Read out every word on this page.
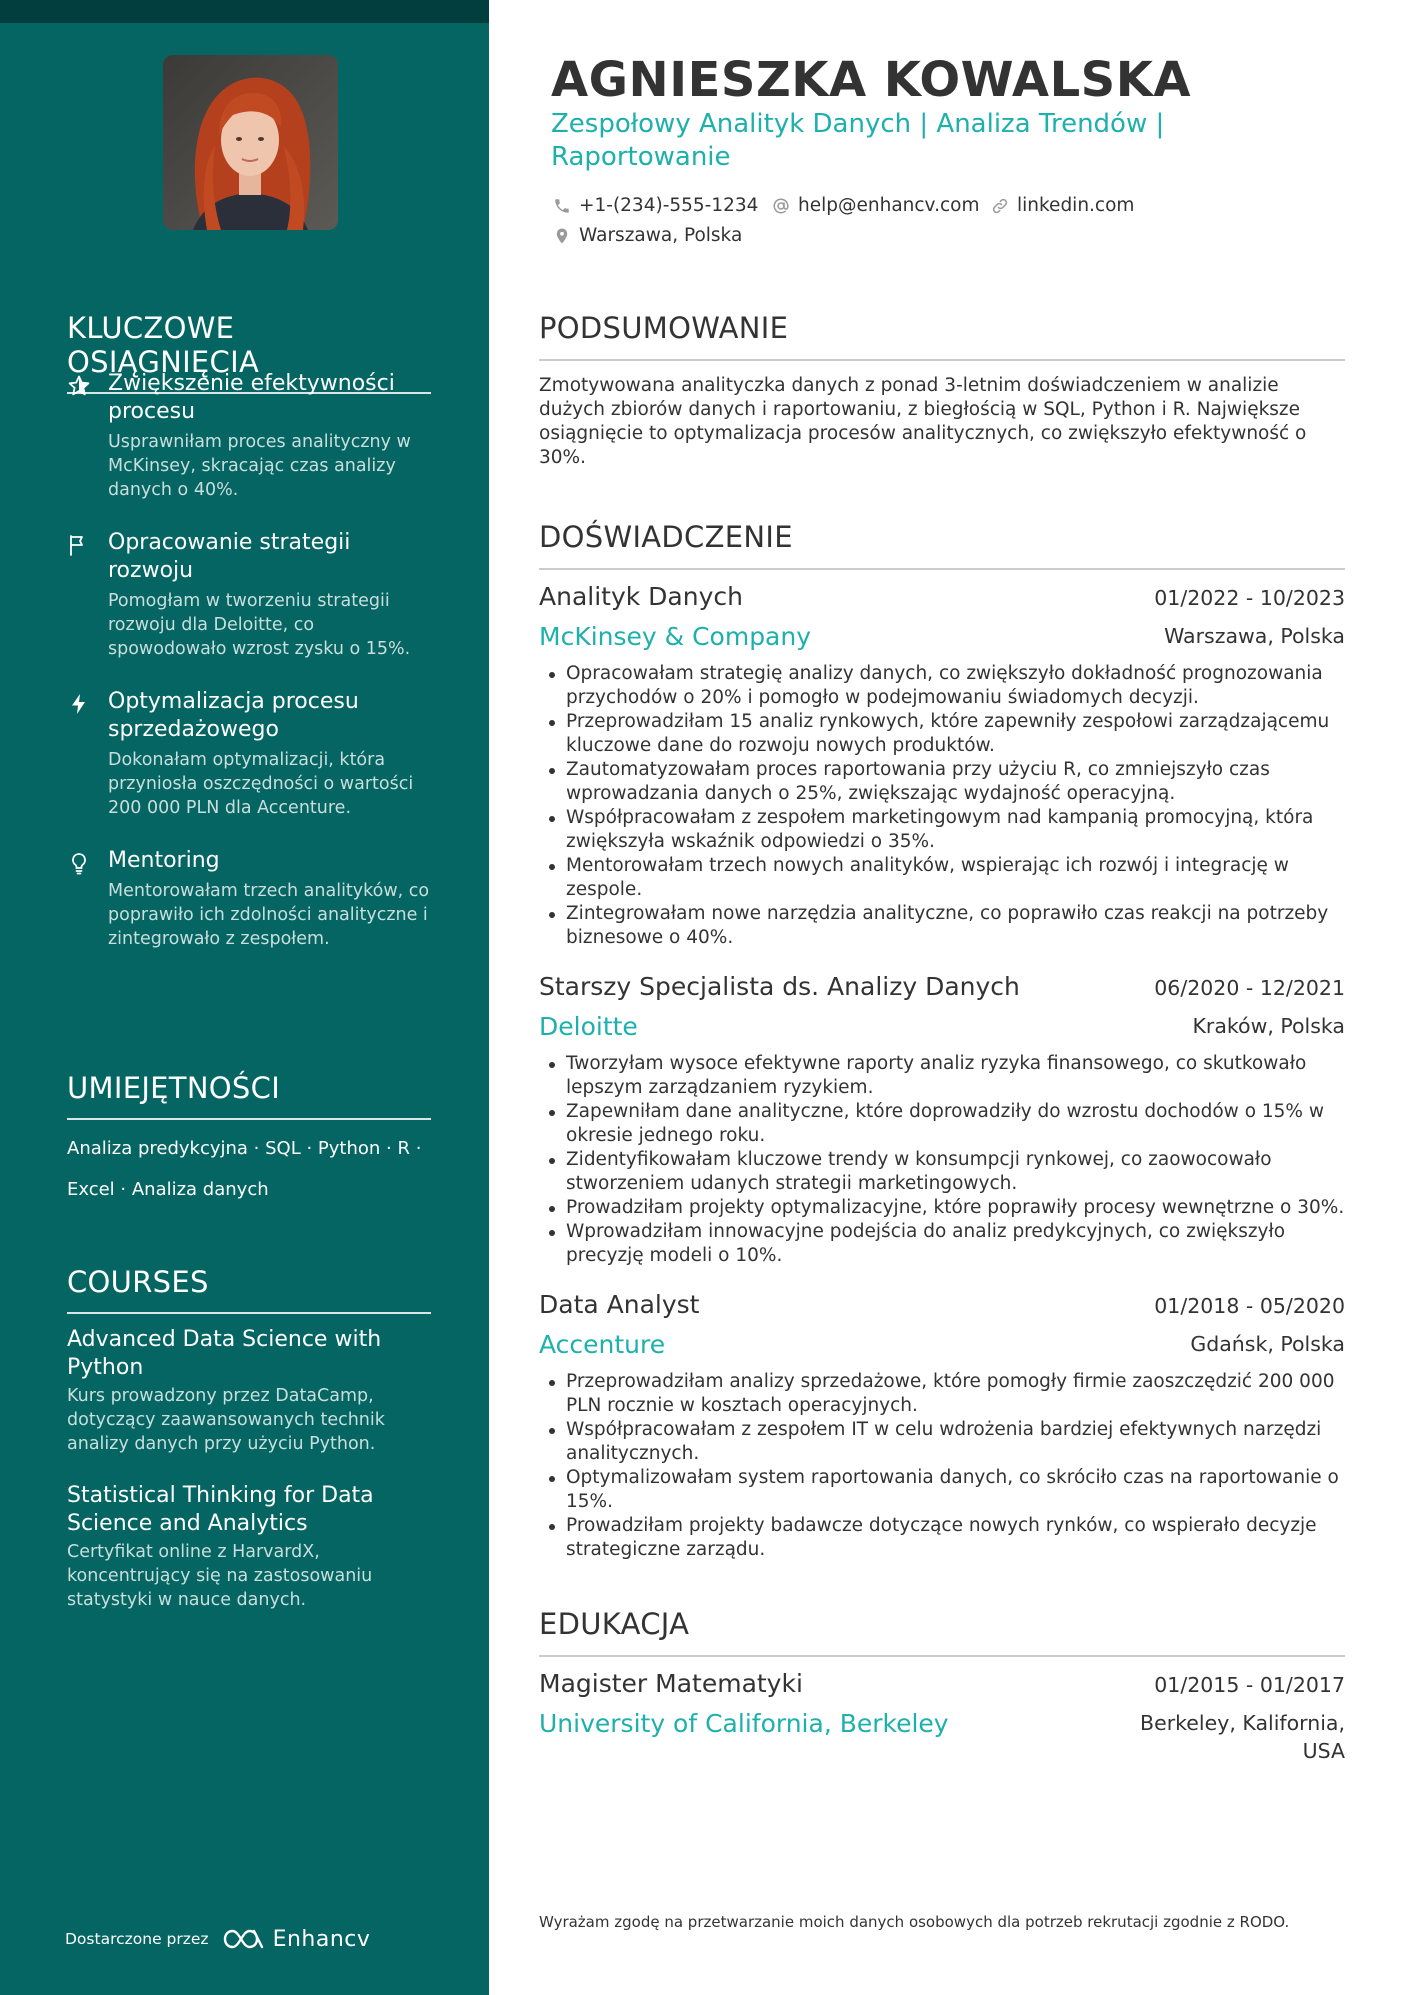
KLUCZOWE OSIĄGNIĘCIA
Zwiększenie efektywności procesu
Usprawniłam proces analityczny w McKinsey, skracając czas analizy danych o 40%.
Opracowanie strategii rozwoju
Pomogłam w tworzeniu strategii rozwoju dla Deloitte, co spowodowało wzrost zysku o 15%.
Optymalizacja procesu sprzedażowego
Dokonałam optymalizacji, która przyniosła oszczędności o wartości 200 000 PLN dla Accenture.
Mentoring
Mentorowałam trzech analityków, co poprawiło ich zdolności analityczne i zintegrowało z zespołem.
UMIEJĘTNOŚCI
Analiza predykcyjna · SQL · Python · R ·
Excel · Analiza danych
COURSES
Advanced Data Science with Python
Kurs prowadzony przez DataCamp, dotyczący zaawansowanych technik analizy danych przy użyciu Python.
Statistical Thinking for Data Science and Analytics
Certyfikat online z HarvardX, koncentrujący się na zastosowaniu statystyki w nauce danych.
Dostarczone przez	Enhancv
AGNIESZKA KOWALSKA
Zespołowy Analityk Danych | Analiza Trendów | Raportowanie
+1-(234)-555-1234 help@enhancv.com linkedin.com
Warszawa, Polska
PODSUMOWANIE
Zmotywowana analityczka danych z ponad 3-letnim doświadczeniem w analizie dużych zbiorów danych i raportowaniu, z biegłością w SQL, Python i R. Największe osiągnięcie to optymalizacja procesów analitycznych, co zwiększyło efektywność o 30%.
DOŚWIADCZENIE
Analityk Danych	01/2022 - 10/2023
McKinsey & Company	Warszawa, Polska
Opracowałam strategię analizy danych, co zwiększyło dokładność prognozowania przychodów o 20% i pomogło w podejmowaniu świadomych decyzji.
Przeprowadziłam 15 analiz rynkowych, które zapewniły zespołowi zarządzającemu kluczowe dane do rozwoju nowych produktów.
Zautomatyzowałam proces raportowania przy użyciu R, co zmniejszyło czas wprowadzania danych o 25%, zwiększając wydajność operacyjną.
Współpracowałam z zespołem marketingowym nad kampanią promocyjną, która zwiększyła wskaźnik odpowiedzi o 35%.
Mentorowałam trzech nowych analityków, wspierając ich rozwój i integrację w zespole.
Zintegrowałam nowe narzędzia analityczne, co poprawiło czas reakcji na potrzeby biznesowe o 40%.
Starszy Specjalista ds. Analizy Danych	06/2020 - 12/2021
Deloitte	Kraków, Polska
Tworzyłam wysoce efektywne raporty analiz ryzyka finansowego, co skutkowało lepszym zarządzaniem ryzykiem.
Zapewniłam dane analityczne, które doprowadziły do wzrostu dochodów o 15% w okresie jednego roku.
Zidentyfikowałam kluczowe trendy w konsumpcji rynkowej, co zaowocowało stworzeniem udanych strategii marketingowych.
Prowadziłam projekty optymalizacyjne, które poprawiły procesy wewnętrzne o 30%.
Wprowadziłam innowacyjne podejścia do analiz predykcyjnych, co zwiększyło precyzję modeli o 10%.
Data Analyst	01/2018 - 05/2020
Accenture	Gdańsk, Polska
Przeprowadziłam analizy sprzedażowe, które pomogły firmie zaoszczędzić 200 000 PLN rocznie w kosztach operacyjnych.
Współpracowałam z zespołem IT w celu wdrożenia bardziej efektywnych narzędzi analitycznych.
Optymalizowałam system raportowania danych, co skróciło czas na raportowanie o 15%.
Prowadziłam projekty badawcze dotyczące nowych rynków, co wspierało decyzje strategiczne zarządu.
EDUKACJA
Magister Matematyki	01/2015 - 01/2017
University of California, Berkeley	Berkeley, Kalifornia,
USA
Wyrażam zgodę na przetwarzanie moich danych osobowych dla potrzeb rekrutacji zgodnie z RODO.
